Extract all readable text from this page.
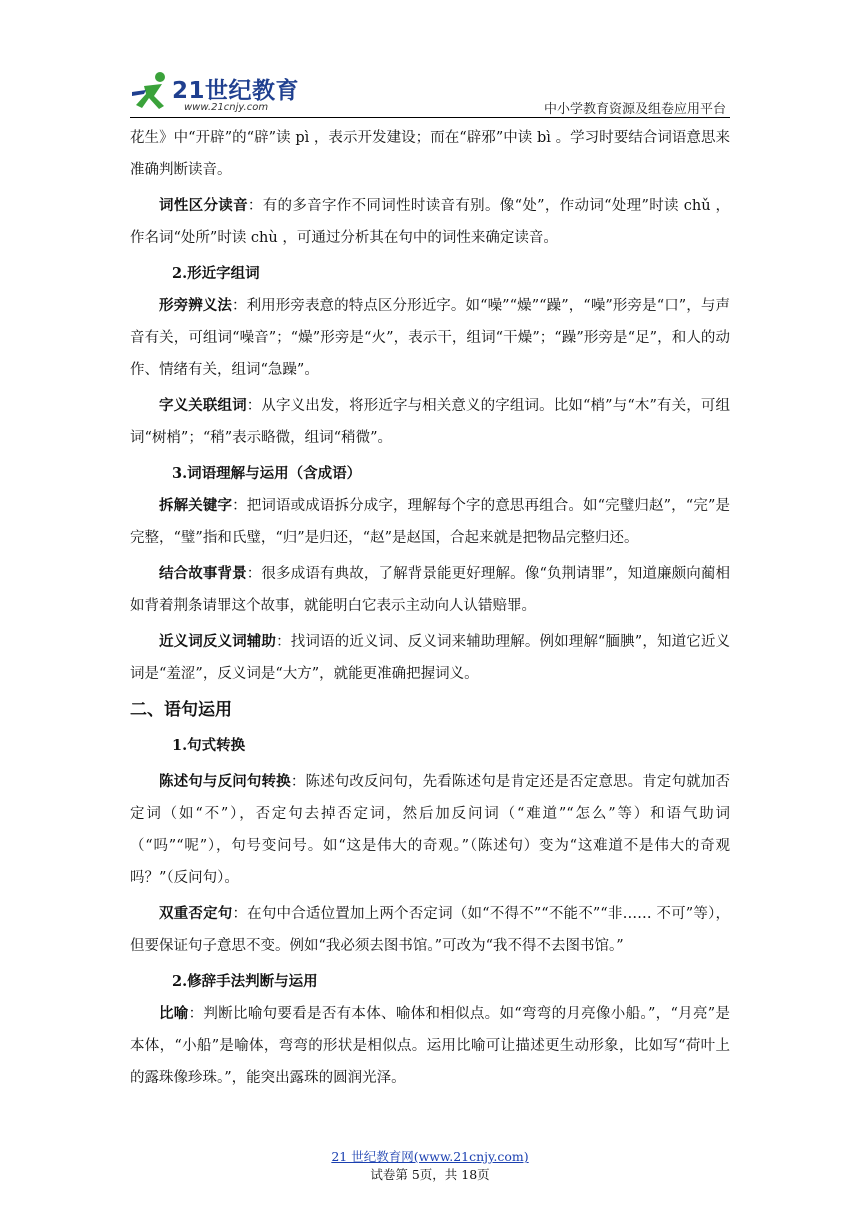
21世纪教育
www.21cnjy.com	中小学教育资源及组卷应用平台

花生》中“开辟”的“辟”读 pì ，表示开发建设；而在“辟邪”中读 bì 。学习时要结合词语意思来准确判断读音。

词性区分读音：有的多音字作不同词性时读音有别。像“处”，作动词“处理”时读 chǔ ，作名词“处所”时读 chù ，可通过分析其在句中的词性来确定读音。

2.形近字组词

形旁辨义法：利用形旁表意的特点区分形近字。如“噪”“燥”“躁”，“噪”形旁是“口”，与声音有关，可组词“噪音”；“燥”形旁是“火”，表示干，组词“干燥”；“躁”形旁是“足”，和人的动作、情绪有关，组词“急躁”。

字义关联组词：从字义出发，将形近字与相关意义的字组词。比如“梢”与“木”有关，可组词“树梢”；“稍”表示略微，组词“稍微”。

3.词语理解与运用（含成语）

拆解关键字：把词语或成语拆分成字，理解每个字的意思再组合。如“完璧归赵”，“完”是完整，“璧”指和氏璧，“归”是归还，“赵”是赵国，合起来就是把物品完整归还。

结合故事背景：很多成语有典故，了解背景能更好理解。像“负荆请罪”，知道廉颇向蔺相如背着荆条请罪这个故事，就能明白它表示主动向人认错赔罪。

近义词反义词辅助：找词语的近义词、反义词来辅助理解。例如理解“腼腆”，知道它近义词是“羞涩”，反义词是“大方”，就能更准确把握词义。

二、语句运用
1.句式转换

陈述句与反问句转换：陈述句改反问句，先看陈述句是肯定还是否定意思。肯定句就加否定词（如“不”），否定句去掉否定词，然后加反问词（“难道”“怎么”等）和语气助词（“吗”“呢”），句号变问号。如“这是伟大的奇观。”（陈述句）变为“这难道不是伟大的奇观吗？”（反问句）。

双重否定句：在句中合适位置加上两个否定词（如“不得不”“不能不”“非…… 不可”等），但要保证句子意思不变。例如“我必须去图书馆。”可改为“我不得不去图书馆。”

2.修辞手法判断与运用

比喻：判断比喻句要看是否有本体、喻体和相似点。如“弯弯的月亮像小船。”，“月亮”是本体，“小船”是喻体，弯弯的形状是相似点。运用比喻可让描述更生动形象，比如写“荷叶上的露珠像珍珠。”，能突出露珠的圆润光泽。

21 世纪教育网(www.21cnjy.com)
试卷第 5页，共 18页
